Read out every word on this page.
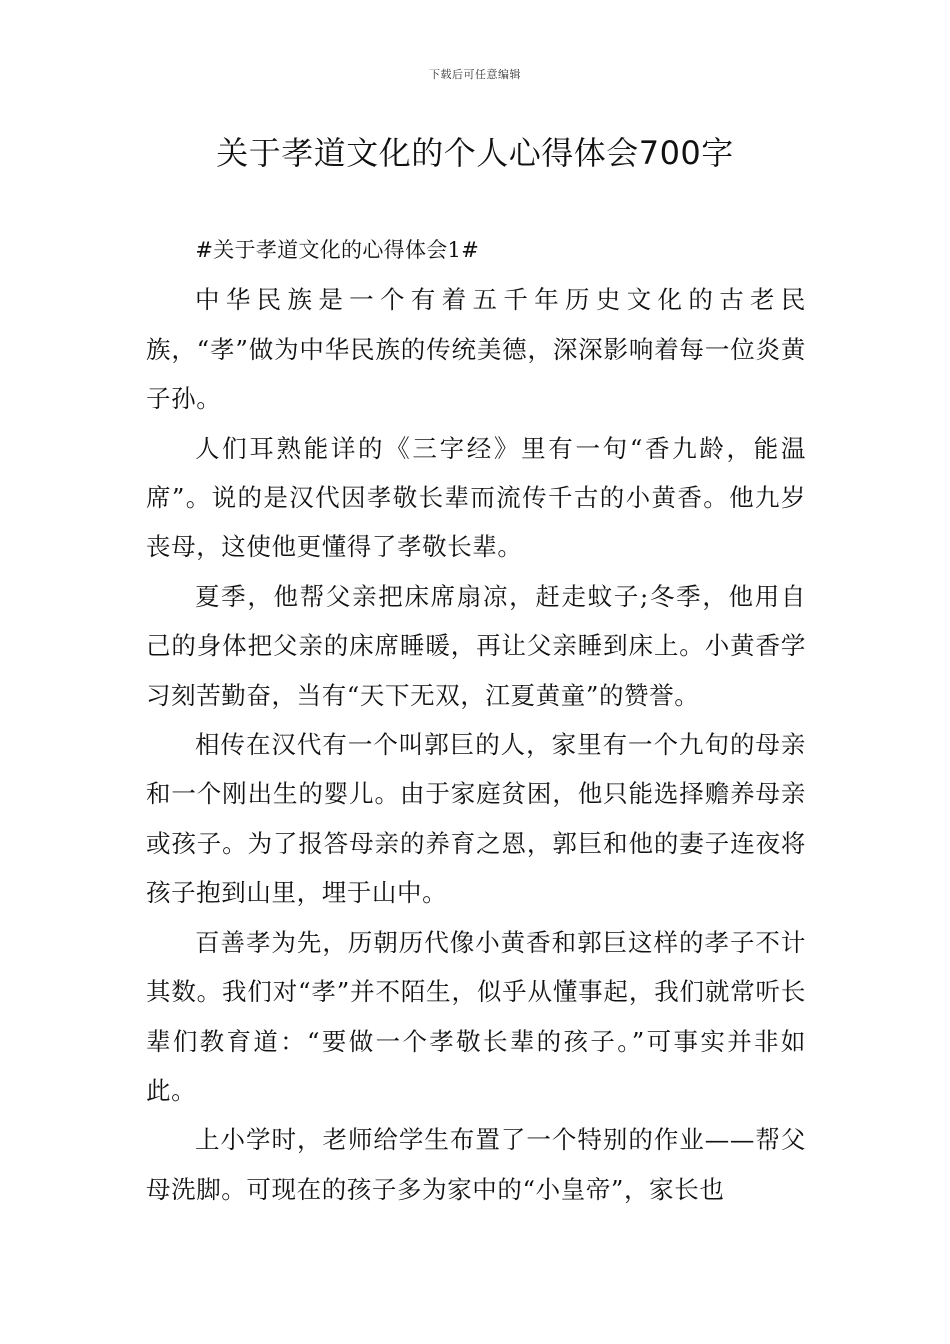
下载后可任意编辑
关于孝道文化的个人心得体会700字

#关于孝道文化的心得体会1#

中华民族是一个有着五千年历史文化的古老民族，“孝”做为中华民族的传统美德，深深影响着每一位炎黄子孙。

人们耳熟能详的《三字经》里有一句“香九龄，能温席”。说的是汉代因孝敬长辈而流传千古的小黄香。他九岁丧母，这使他更懂得了孝敬长辈。

夏季，他帮父亲把床席扇凉，赶走蚊子;冬季，他用自己的身体把父亲的床席睡暖，再让父亲睡到床上。小黄香学习刻苦勤奋，当有“天下无双，江夏黄童”的赞誉。

相传在汉代有一个叫郭巨的人，家里有一个九旬的母亲和一个刚出生的婴儿。由于家庭贫困，他只能选择赡养母亲或孩子。为了报答母亲的养育之恩，郭巨和他的妻子连夜将孩子抱到山里，埋于山中。

百善孝为先，历朝历代像小黄香和郭巨这样的孝子不计其数。我们对“孝”并不陌生，似乎从懂事起，我们就常听长辈们教育道：“要做一个孝敬长辈的孩子。”可事实并非如此。

上小学时，老师给学生布置了一个特别的作业——帮父母洗脚。可现在的孩子多为家中的“小皇帝”，家长也
